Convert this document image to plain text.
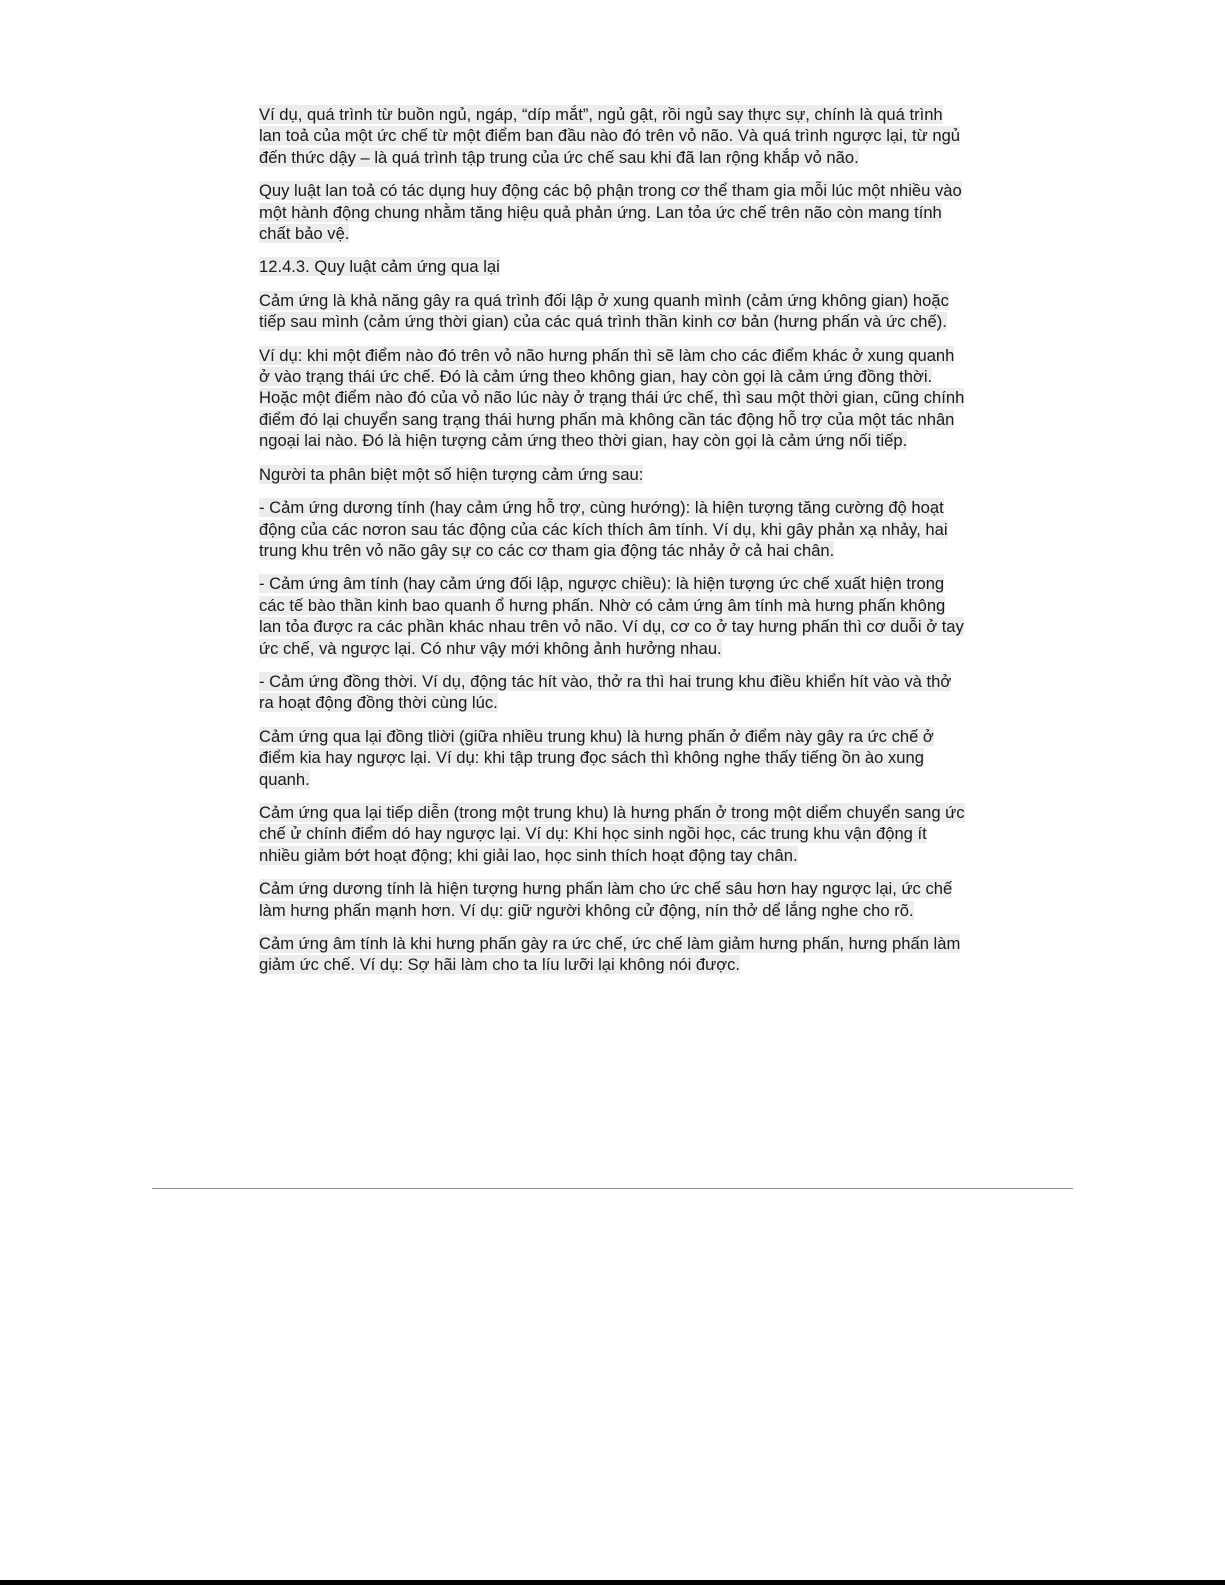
Ví dụ, quá trình từ buồn ngủ, ngáp, “díp mắt”, ngủ gật, rồi ngủ say thực sự, chính là quá trình lan toả của một ức chế từ một điểm ban đầu nào đó trên vỏ não. Và quá trình ngược lại, từ ngủ đến thức dậy – là quá trình tập trung của ức chế sau khi đã lan rộng khắp vỏ não.

Quy luật lan toả có tác dụng huy động các bộ phận trong cơ thể tham gia mỗi lúc một nhiều vào một hành động chung nhằm tăng hiệu quả phản ứng. Lan tỏa ức chế trên não còn mang tính chất bảo vệ.

12.4.3. Quy luật cảm ứng qua lại

Cảm ứng là khả năng gây ra quá trình đối lập ở xung quanh mình (cảm ứng không gian) hoặc tiếp sau mình (cảm ứng thời gian) của các quá trình thần kinh cơ bản (hưng phấn và ức chế).

Ví dụ: khi một điểm nào đó trên vỏ não hưng phấn thì sẽ làm cho các điểm khác ở xung quanh ở vào trạng thái ức chế. Đó là cảm ứng theo không gian, hay còn gọi là cảm ứng đồng thời. Hoặc một điểm nào đó của vỏ não lúc này ở trạng thái ức chế, thì sau một thời gian, cũng chính điểm đó lại chuyển sang trạng thái hưng phấn mà không cần tác động hỗ trợ của một tác nhân ngoại lai nào. Đó là hiện tượng cảm ứng theo thời gian, hay còn gọi là cảm ứng nối tiếp.

Người ta phân biệt một số hiện tượng cảm ứng sau:

- Cảm ứng dương tính (hay cảm ứng hỗ trợ, cùng hướng): là hiện tượng tăng cường độ hoạt động của các nơron sau tác động của các kích thích âm tính. Ví dụ, khi gây phản xạ nhảy, hai trung khu trên vỏ não gây sự co các cơ tham gia động tác nhảy ở cả hai chân.

- Cảm ứng âm tính (hay cảm ứng đối lập, ngược chiều): là hiện tượng ức chế xuất hiện trong các tế bào thần kinh bao quanh ổ hưng phấn. Nhờ có cảm ứng âm tính mà hưng phấn không lan tỏa được ra các phần khác nhau trên vỏ não. Ví dụ, cơ co ở tay hưng phấn thì cơ duỗi ở tay ức chế, và ngược lại. Có như vậy mới không ảnh hưởng nhau.

- Cảm ứng đồng thời. Ví dụ, động tác hít vào, thở ra thì hai trung khu điều khiển hít vào và thở ra hoạt động đồng thời cùng lúc.

Cảm ứng qua lại đồng tliời (giữa nhiều trung khu) là hưng phấn ở điểm này gây ra ức chế ở điểm kia hay ngược lại. Ví dụ: khi tập trung đọc sách thì không nghe thấy tiếng ồn ào xung quanh.

Cảm ứng qua lại tiếp diễn (trong một trung khu) là hưng phấn ở trong một diểm chuyển sang ức chế ử chính điểm dó hay ngược lại. Ví dụ: Khi học sinh ngồi học, các trung khu vận động ít nhiều giảm bớt hoạt động; khi giải lao, học sinh thích hoạt động tay chân.

Cảm ứng dương tính là hiện tượng hưng phấn làm cho ức chế sâu hơn hay ngược lại, ức chế làm hưng phấn mạnh hơn. Ví dụ: giữ người không cử động, nín thở dể lắng nghe cho rõ.

Cảm ứng âm tính là khi hưng phấn gày ra ức chế, ức chế làm giảm hưng phấn, hưng phấn làm giảm ức chế. Ví dụ: Sợ hãi làm cho ta líu lưỡi lại không nói được.
